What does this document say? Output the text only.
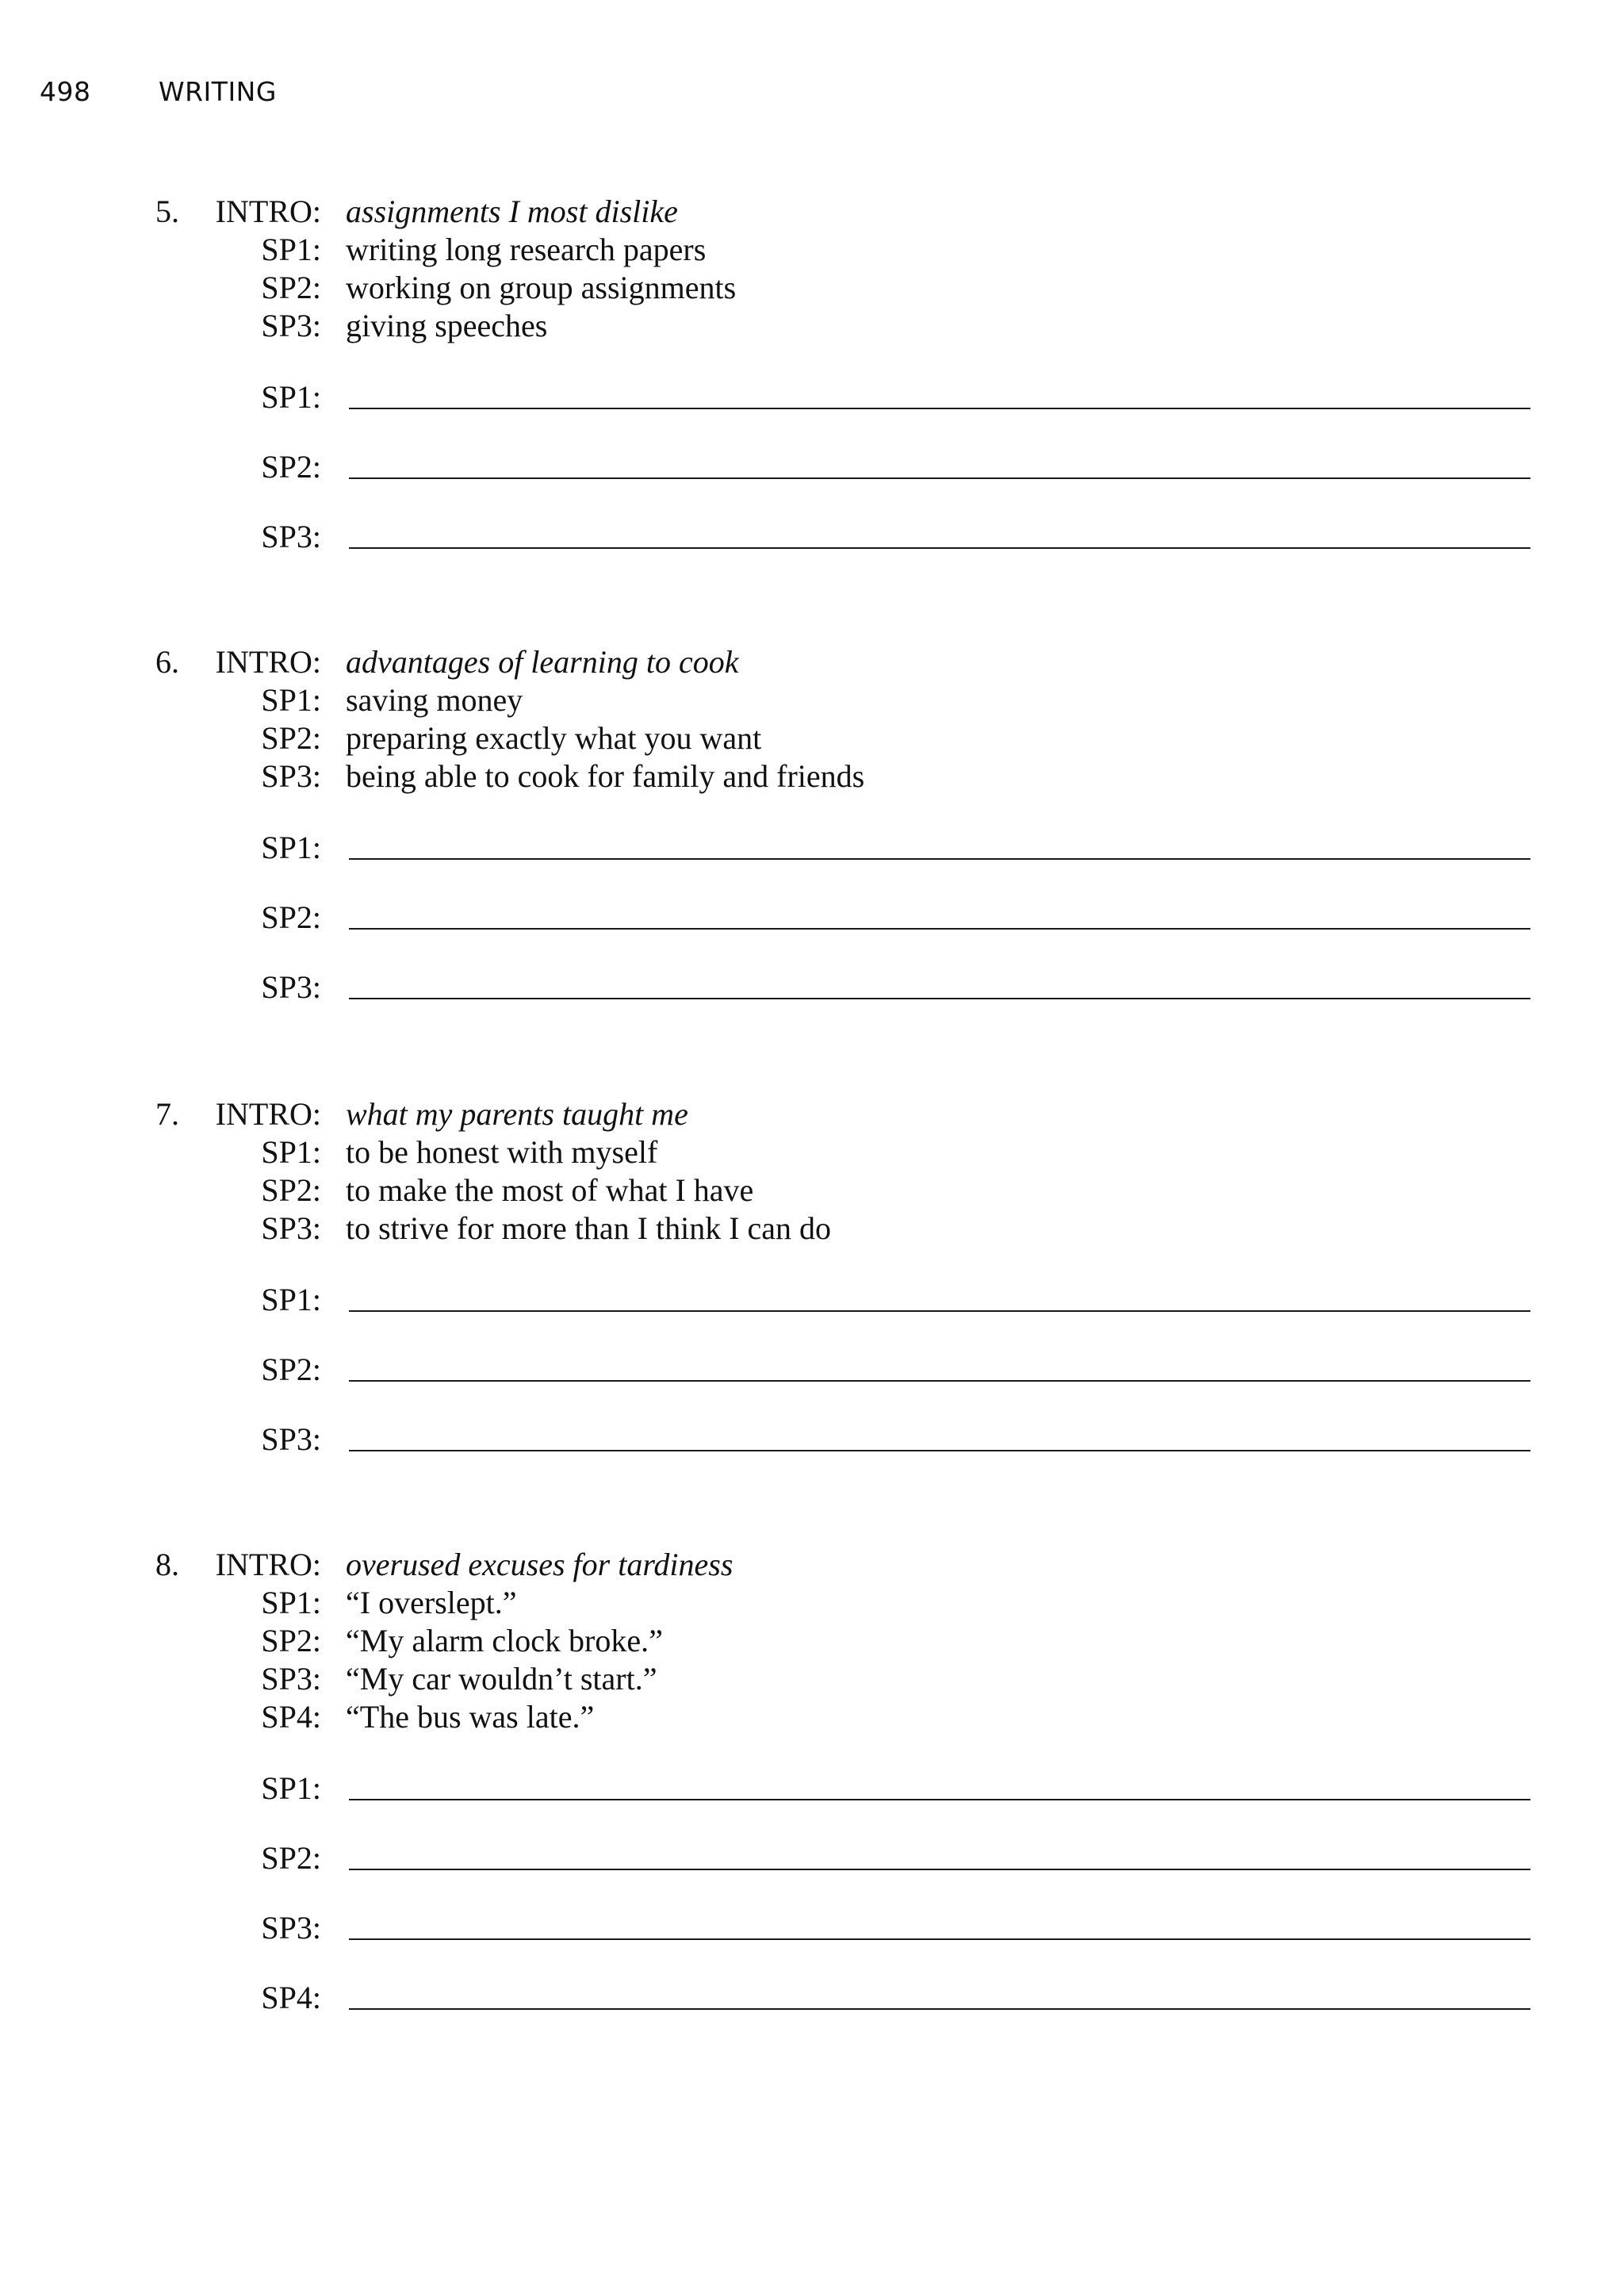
498	WRITING
5. INTRO: assignments I most dislike
SP1: writing long research papers
SP2: working on group assignments
SP3: giving speeches
SP1:
SP2:
SP3:
6. INTRO: advantages of learning to cook
SP1: saving money
SP2: preparing exactly what you want
SP3: being able to cook for family and friends
SP1:
SP2:
SP3:
7. INTRO: what my parents taught me
SP1: to be honest with myself
SP2: to make the most of what I have
SP3: to strive for more than I think I can do
SP1:
SP2:
SP3:
8. INTRO: overused excuses for tardiness
SP1: “I overslept.”
SP2: “My alarm clock broke.”
SP3: “My car wouldn’t start.”
SP4: “The bus was late.”
SP1:
SP2:
SP3:
SP4:
